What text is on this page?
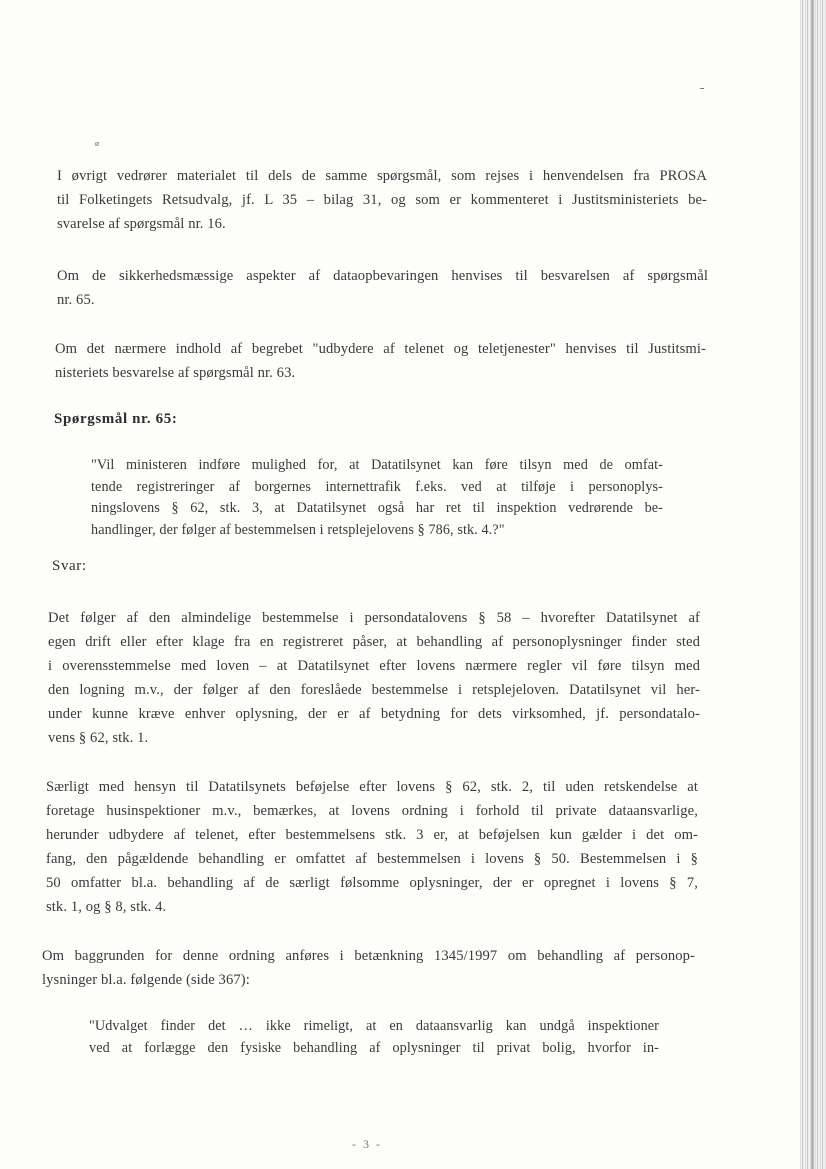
ø
I øvrigt vedrører materialet til dels de samme spørgsmål, som rejses i henvendelsen fra PROSA
til Folketingets Retsudvalg, jf. L 35 – bilag 31, og som er kommenteret i Justitsministeriets be-
svarelse af spørgsmål nr. 16.
Om de sikkerhedsmæssige aspekter af dataopbevaringen henvises til besvarelsen af spørgsmål
nr. 65.
Om det nærmere indhold af begrebet "udbydere af telenet og teletjenester" henvises til Justitsmi-
nisteriets besvarelse af spørgsmål nr. 63.
Spørgsmål nr. 65:
"Vil ministeren indføre mulighed for, at Datatilsynet kan føre tilsyn med de omfat-
tende registreringer af borgernes internettrafik f.eks. ved at tilføje i personoplys-
ningslovens § 62, stk. 3, at Datatilsynet også har ret til inspektion vedrørende be-
handlinger, der følger af bestemmelsen i retsplejelovens § 786, stk. 4.?"
Svar:
Det følger af den almindelige bestemmelse i persondatalovens § 58 – hvorefter Datatilsynet af
egen drift eller efter klage fra en registreret påser, at behandling af personoplysninger finder sted
i overensstemmelse med loven – at Datatilsynet efter lovens nærmere regler vil føre tilsyn med
den logning m.v., der følger af den foreslåede bestemmelse i retsplejeloven. Datatilsynet vil her-
under kunne kræve enhver oplysning, der er af betydning for dets virksomhed, jf. persondatalo-
vens § 62, stk. 1.
Særligt med hensyn til Datatilsynets beføjelse efter lovens § 62, stk. 2, til uden retskendelse at
foretage husinspektioner m.v., bemærkes, at lovens ordning i forhold til private dataansvarlige,
herunder udbydere af telenet, efter bestemmelsens stk. 3 er, at beføjelsen kun gælder i det om-
fang, den pågældende behandling er omfattet af bestemmelsen i lovens § 50. Bestemmelsen i §
50 omfatter bl.a. behandling af de særligt følsomme oplysninger, der er opregnet i lovens § 7,
stk. 1, og § 8, stk. 4.
Om baggrunden for denne ordning anføres i betænkning 1345/1997 om behandling af personop-
lysninger bl.a. følgende (side 367):
"Udvalget finder det … ikke rimeligt, at en dataansvarlig kan undgå inspektioner
ved at forlægge den fysiske behandling af oplysninger til privat bolig, hvorfor in-
- 3 -
